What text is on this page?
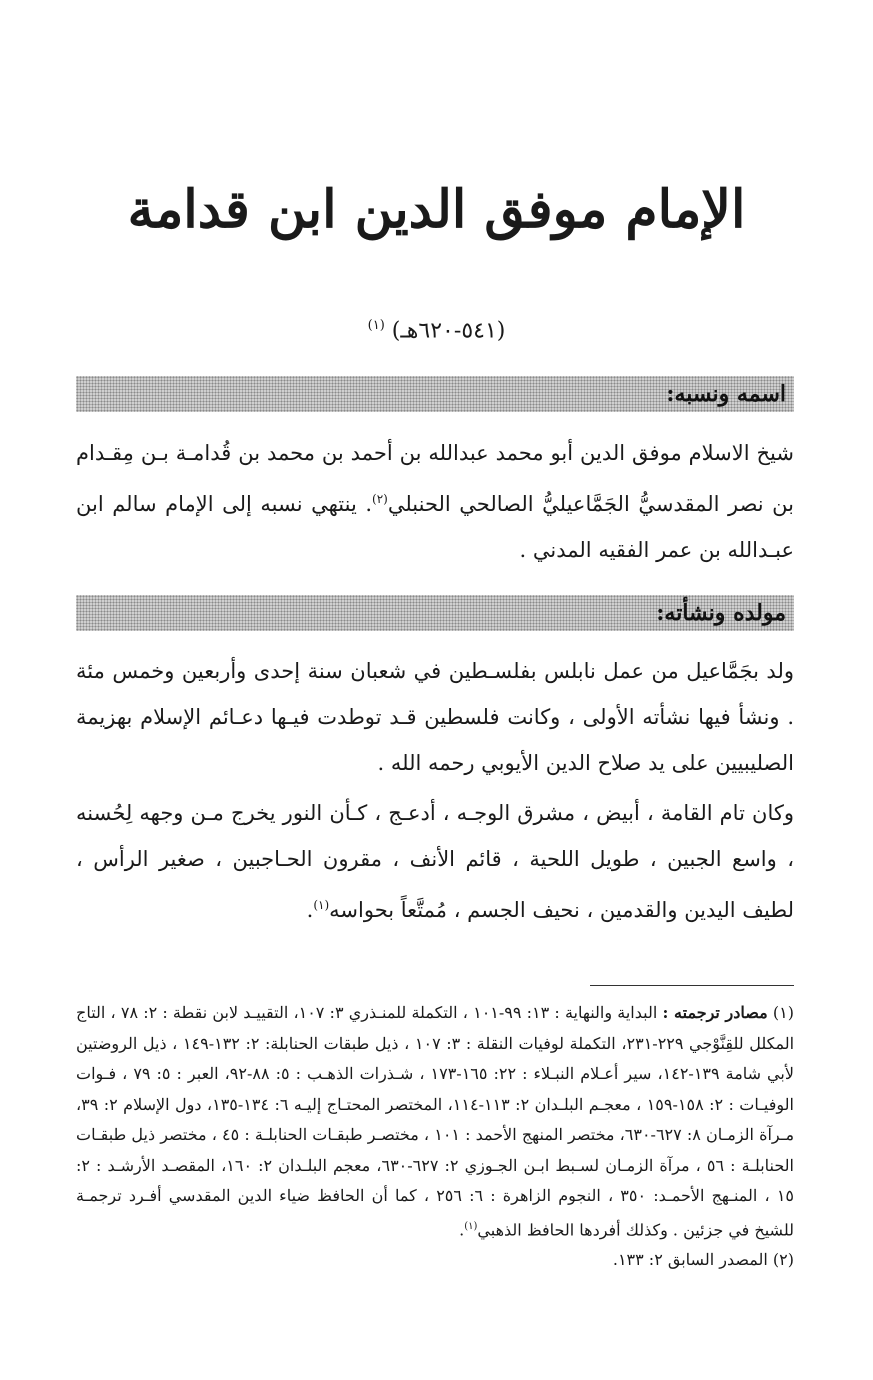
الإمام موفق الدين ابن قدامة
(٥٤١-٦٢٠هـ) $^{(١)}$
اسمه ونسبه:

شيخ الاسلام موفق الدين أبو محمد عبدالله بن أحمد بن محمد بن قُدامـة بـن مِقـدام بن نصر المقدسيُّ الجَمَّاعيليُّ الصالحي الحنبلي$^{(٢)}$. ينتهي نسبه إلى الإمام سالم ابن عبـدالله بن عمر الفقيه المدني .

مولده ونشأته:

ولد بجَمَّاعيل من عمل نابلس بفلسـطين في شعبان سنة إحدى وأربعين وخمس مئة . ونشأ فيها نشأته الأولى ، وكانت فلسطين قـد توطدت فيـها دعـائم الإسلام بهزيمة الصليبيين على يد صلاح الدين الأيوبي رحمه الله .

وكان تام القامة ، أبيض ، مشرق الوجـه ، أدعـج ، كـأن النور يخرج مـن وجهه لِحُسنه ، واسع الجبين ، طويل اللحية ، قائم الأنف ، مقرون الحـاجبين ، صغير الرأس ، لطيف اليدين والقدمين ، نحيف الجسم ، مُمتَّعاً بحواسه$^{(١)}$.

(١) مصادر ترجمته : البداية والنهاية : ١٣: ٩٩-١٠١ ، التكملة للمنـذري ٣: ١٠٧، التقييـد لابن نقطة : ٢: ٧٨ ، التاج المكلل للقِنَّوْجي ٢٢٩-٢٣١، التكملة لوفيات النقلة : ٣: ١٠٧ ، ذيل طبقات الحنابلة: ٢: ١٣٢-١٤٩ ، ذيل الروضتين لأبي شامة ١٣٩-١٤٢، سير أعـلام النبـلاء : ٢٢: ١٦٥-١٧٣ ، شـذرات الذهـب : ٥: ٨٨-٩٢، العبر : ٥: ٧٩ ، فـوات الوفيـات : ٢: ١٥٨-١٥٩ ، معجـم البلـدان ٢: ١١٣-١١٤، المختصر المحتـاج إليـه ٦: ١٣٤-١٣٥، دول الإسلام ٢: ٣٩، مـرآة الزمـان ٨: ٦٢٧-٦٣٠، مختصر المنهج الأحمد : ١٠١ ، مختصـر طبقـات الحنابلـة : ٤٥ ، مختصر ذيل طبقـات الحنابلـة : ٥٦ ، مرآة الزمـان لسـبط ابـن الجـوزي ٢: ٦٢٧-٦٣٠، معجم البلـدان ٢: ١٦٠، المقصـد الأرشـد : ٢: ١٥ ، المنـهج الأحمـد: ٣٥٠ ، النجوم الزاهرة : ٦: ٢٥٦ ، كما أن الحافظ ضياء الدين المقدسي أفـرد ترجمـة للشيخ في جزئين . وكذلك أفردها الحافظ الذهبي$^{(١)}$.

(٢) المصدر السابق ٢: ١٣٣.
